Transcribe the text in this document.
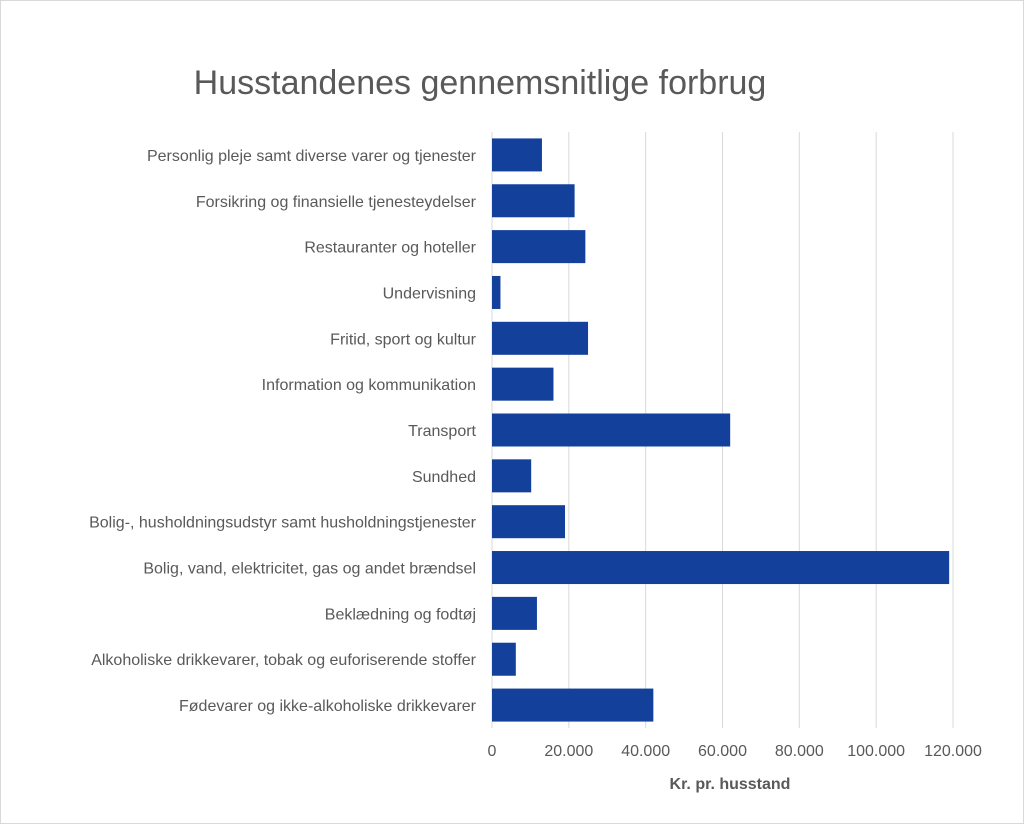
Husstandenes gennemsnitlige forbrug
Personlig pleje samt diverse varer og tjenester
Forsikring og finansielle tjenesteydelser
Restauranter og hoteller
Undervisning
Fritid, sport og kultur
Information og kommunikation
Transport
Sundhed
Bolig-, husholdningsudstyr samt husholdningstjenester
Bolig, vand, elektricitet, gas og andet brændsel
Beklædning og fodtøj
Alkoholiske drikkevarer, tobak og euforiserende stoffer
Fødevarer og ikke-alkoholiske drikkevarer
0	20.000 40.000 60.000 80.000 100.000 120.000
Kr. pr. husstand
